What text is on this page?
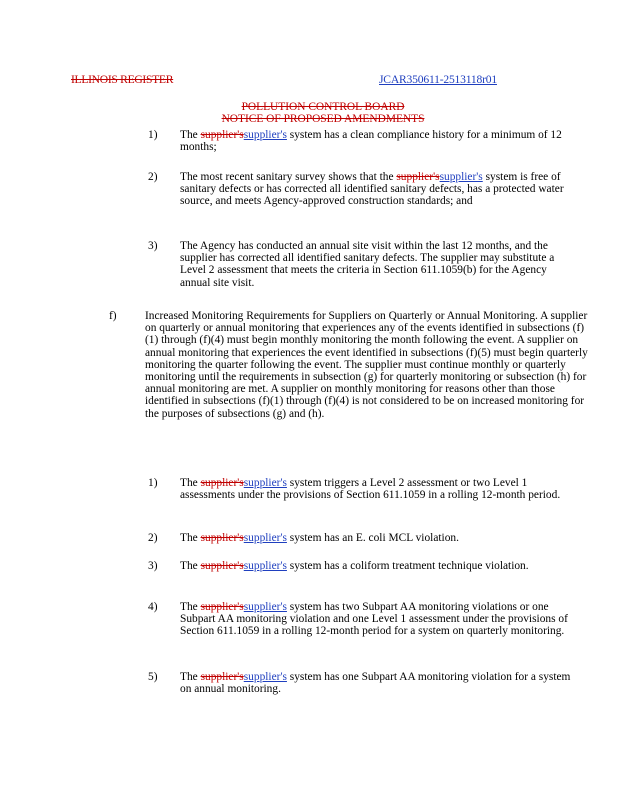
ILLINOIS REGISTER	JCAR350611-2513118r01
POLLUTION CONTROL BOARD
NOTICE OF PROPOSED AMENDMENTS
1) The supplier'ssupplier's system has a clean compliance history for a minimum of 12 months;
2) The most recent sanitary survey shows that the supplier'ssupplier's system is free of sanitary defects or has corrected all identified sanitary defects, has a protected water source, and meets Agency-approved construction standards; and
3) The Agency has conducted an annual site visit within the last 12 months, and the supplier has corrected all identified sanitary defects. The supplier may substitute a Level 2 assessment that meets the criteria in Section 611.1059(b) for the Agency annual site visit.
f) Increased Monitoring Requirements for Suppliers on Quarterly or Annual Monitoring. A supplier on quarterly or annual monitoring that experiences any of the events identified in subsections (f)(1) through (f)(4) must begin monthly monitoring the month following the event. A supplier on annual monitoring that experiences the event identified in subsections (f)(5) must begin quarterly monitoring the quarter following the event. The supplier must continue monthly or quarterly monitoring until the requirements in subsection (g) for quarterly monitoring or subsection (h) for annual monitoring are met. A supplier on monthly monitoring for reasons other than those identified in subsections (f)(1) through (f)(4) is not considered to be on increased monitoring for the purposes of subsections (g) and (h).
1) The supplier'ssupplier's system triggers a Level 2 assessment or two Level 1 assessments under the provisions of Section 611.1059 in a rolling 12-month period.
2) The supplier'ssupplier's system has an E. coli MCL violation.
3) The supplier'ssupplier's system has a coliform treatment technique violation.
4) The supplier'ssupplier's system has two Subpart AA monitoring violations or one Subpart AA monitoring violation and one Level 1 assessment under the provisions of Section 611.1059 in a rolling 12-month period for a system on quarterly monitoring.
5) The supplier'ssupplier's system has one Subpart AA monitoring violation for a system on annual monitoring.
